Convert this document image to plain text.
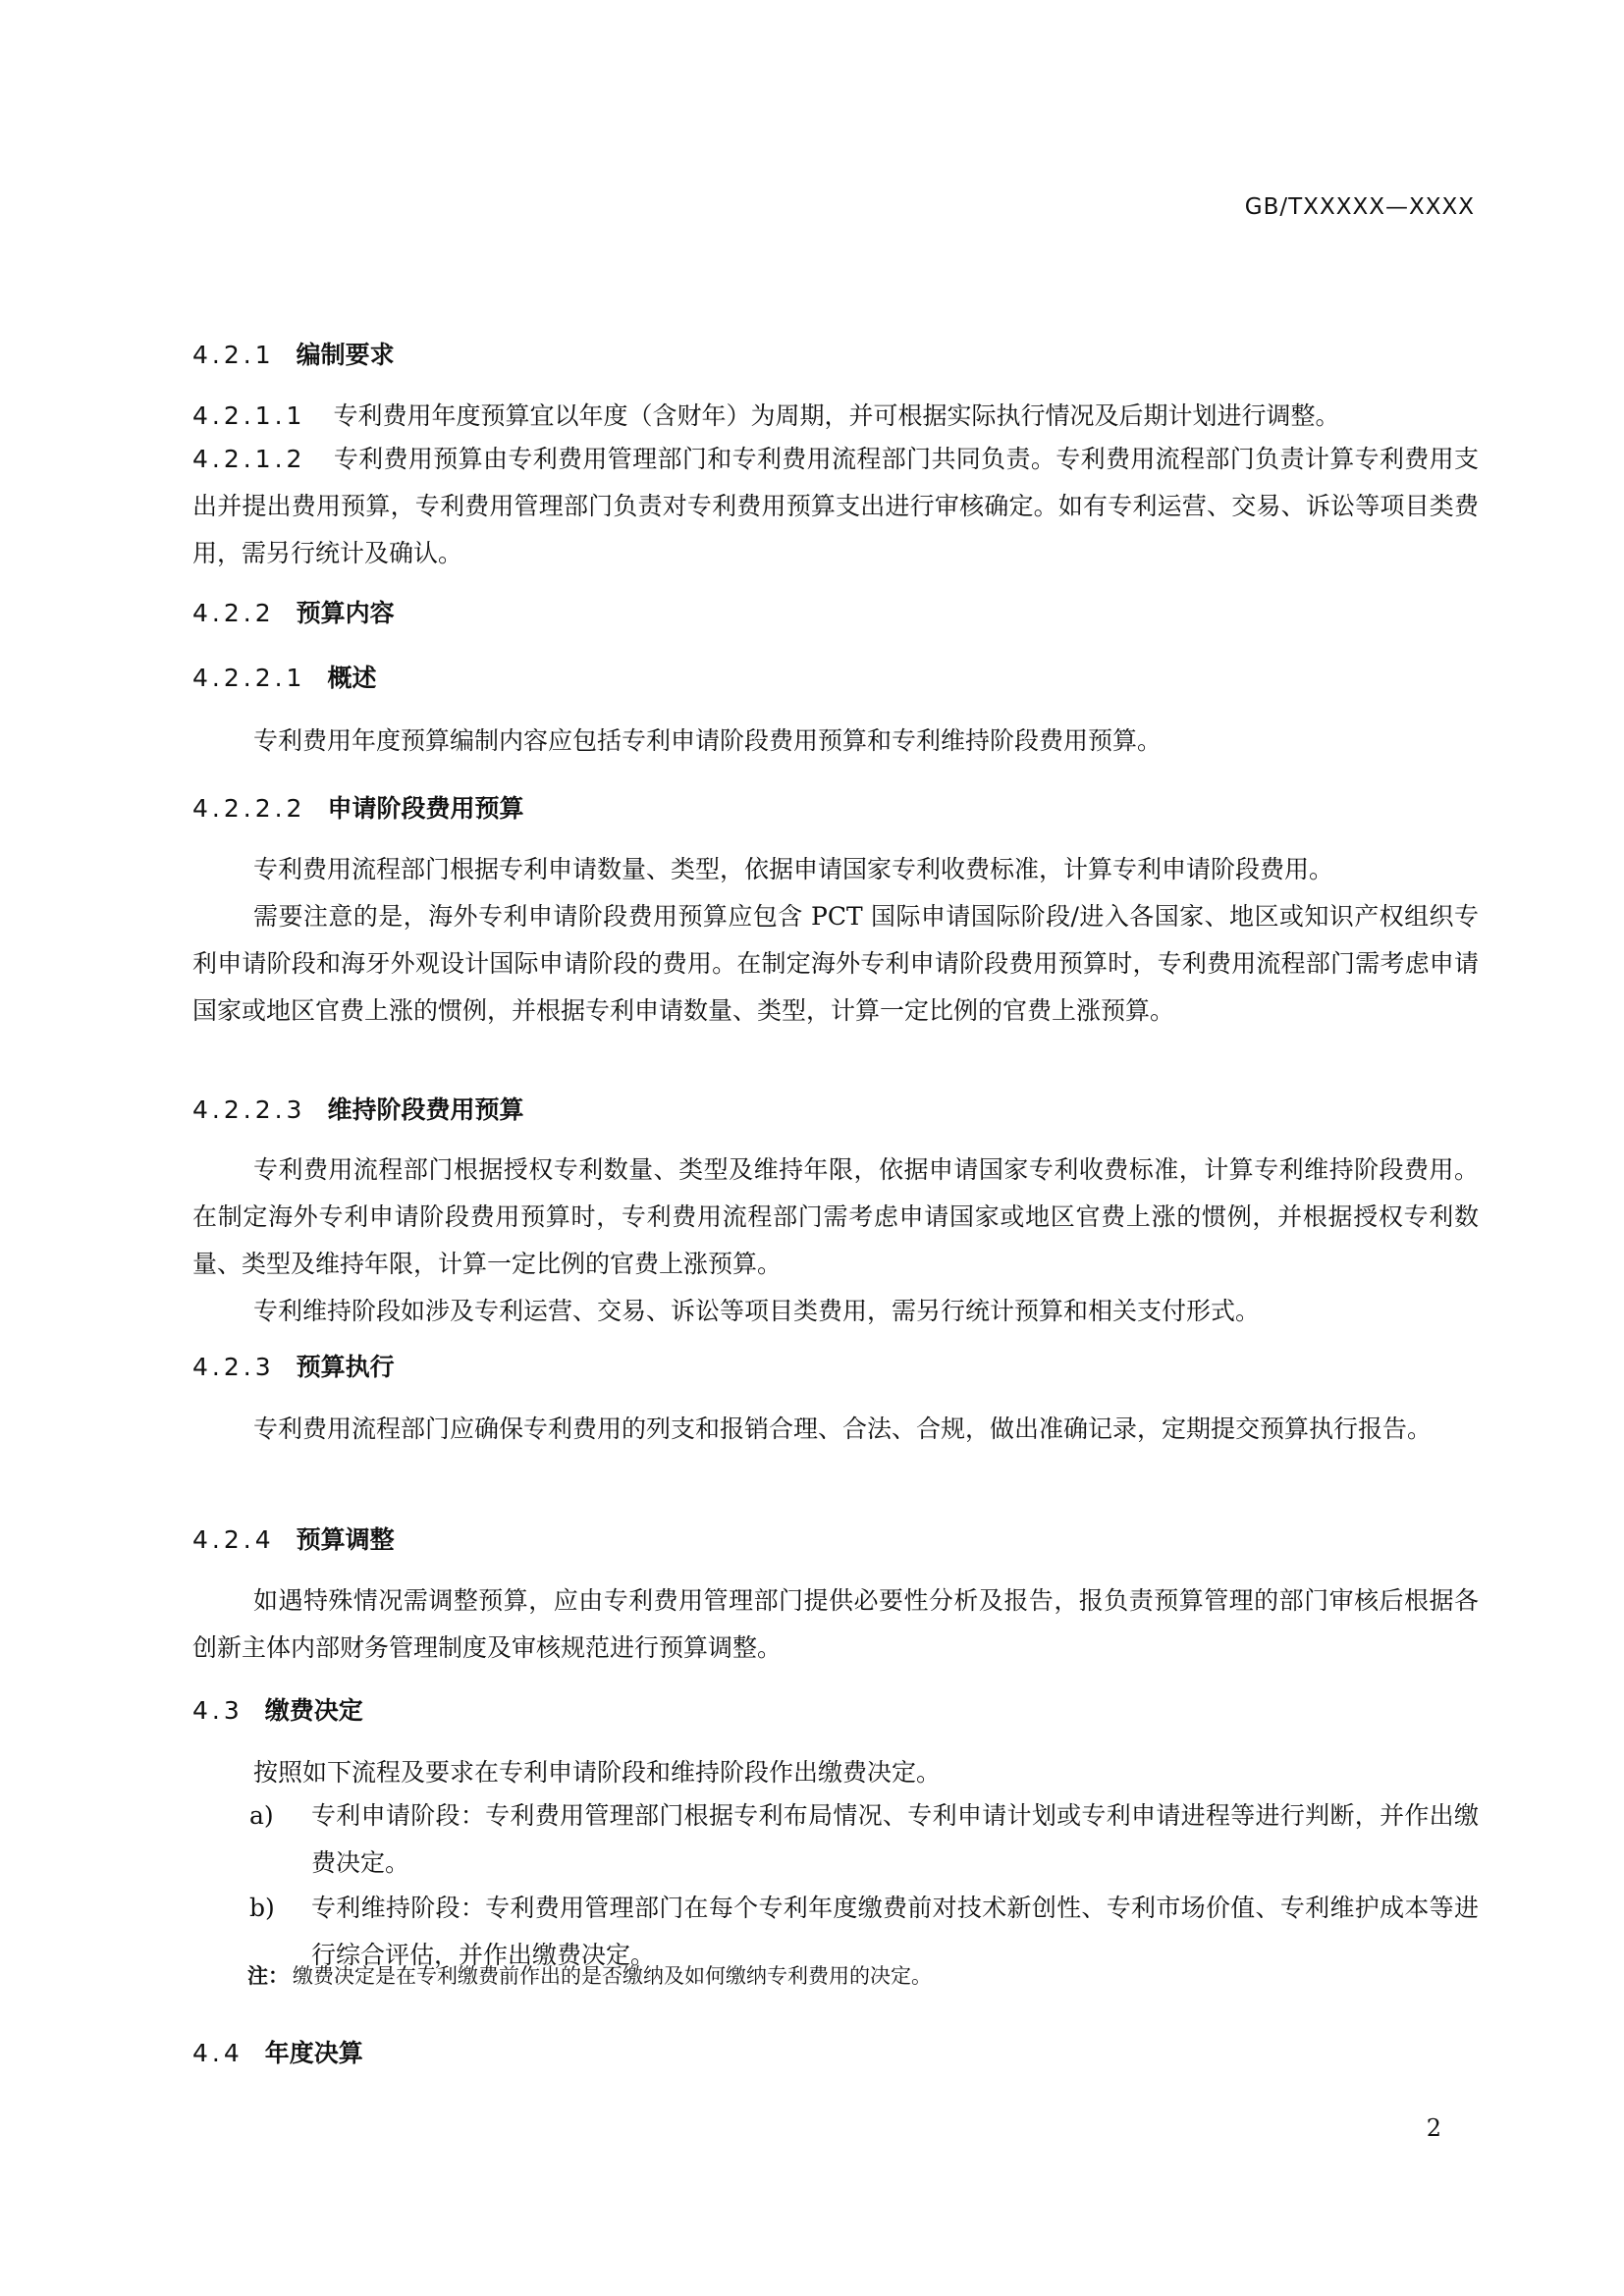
GB/TXXXXX—XXXX
4.2.1 编制要求

4.2.1.1 专利费用年度预算宜以年度（含财年）为周期，并可根据实际执行情况及后期计划进行调整。

4.2.1.2 专利费用预算由专利费用管理部门和专利费用流程部门共同负责。专利费用流程部门负责计算专利费用支出并提出费用预算，专利费用管理部门负责对专利费用预算支出进行审核确定。如有专利运营、交易、诉讼等项目类费用，需另行统计及确认。

4.2.2 预算内容
4.2.2.1 概述

专利费用年度预算编制内容应包括专利申请阶段费用预算和专利维持阶段费用预算。

4.2.2.2 申请阶段费用预算

专利费用流程部门根据专利申请数量、类型，依据申请国家专利收费标准，计算专利申请阶段费用。

需要注意的是，海外专利申请阶段费用预算应包含 PCT 国际申请国际阶段/进入各国家、地区或知识产权组织专利申请阶段和海牙外观设计国际申请阶段的费用。在制定海外专利申请阶段费用预算时，专利费用流程部门需考虑申请国家或地区官费上涨的惯例，并根据专利申请数量、类型，计算一定比例的官费上涨预算。

4.2.2.3 维持阶段费用预算

专利费用流程部门根据授权专利数量、类型及维持年限，依据申请国家专利收费标准，计算专利维持阶段费用。在制定海外专利申请阶段费用预算时，专利费用流程部门需考虑申请国家或地区官费上涨的惯例，并根据授权专利数量、类型及维持年限，计算一定比例的官费上涨预算。

专利维持阶段如涉及专利运营、交易、诉讼等项目类费用，需另行统计预算和相关支付形式。

4.2.3 预算执行

专利费用流程部门应确保专利费用的列支和报销合理、合法、合规，做出准确记录，定期提交预算执行报告。

4.2.4 预算调整

如遇特殊情况需调整预算，应由专利费用管理部门提供必要性分析及报告，报负责预算管理的部门审核后根据各创新主体内部财务管理制度及审核规范进行预算调整。

4.3 缴费决定

按照如下流程及要求在专利申请阶段和维持阶段作出缴费决定。

a)	专利申请阶段：专利费用管理部门根据专利布局情况、专利申请计划或专利申请进程等进行判断，并作出缴费决定。
b)	专利维持阶段：专利费用管理部门在每个专利年度缴费前对技术新创性、专利市场价值、专利维护成本等进行综合评估，并作出缴费决定。
注： 缴费决定是在专利缴费前作出的是否缴纳及如何缴纳专利费用的决定。
4.4 年度决算
2
